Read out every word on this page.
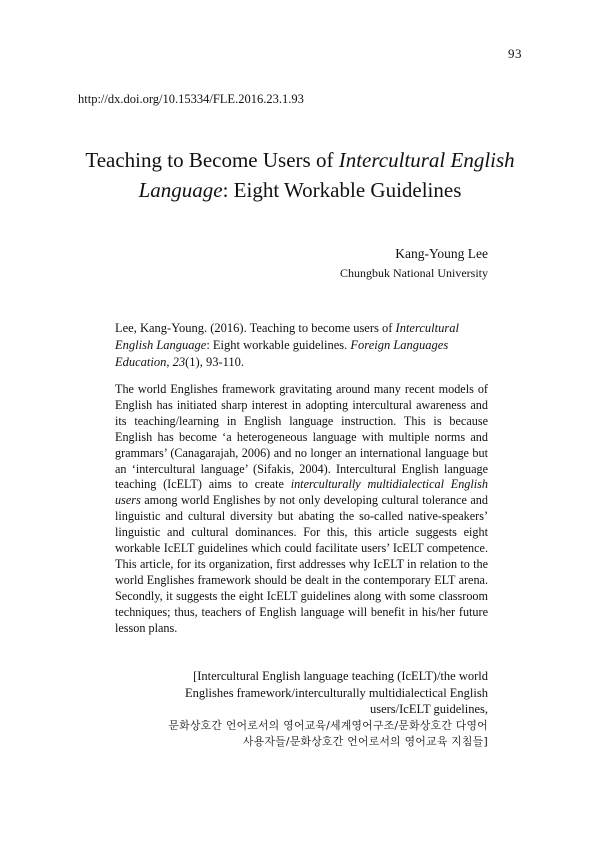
93
http://dx.doi.org/10.15334/FLE.2016.23.1.93
Teaching to Become Users of Intercultural English
Language: Eight Workable Guidelines
Kang-Young Lee
Chungbuk National University
Lee, Kang-Young. (2016). Teaching to become users of Intercultural English Language: Eight workable guidelines. Foreign Languages Education, 23(1), 93-110.

The world Englishes framework gravitating around many recent models of English has initiated sharp interest in adopting intercultural awareness and its teaching/learning in English language instruction. This is because English has become ‘a heterogeneous language with multiple norms and grammars’ (Canagarajah, 2006) and no longer an international language but an ‘intercultural language’ (Sifakis, 2004). Intercultural English language teaching (IcELT) aims to create interculturally multidialectical English users among world Englishes by not only developing cultural tolerance and linguistic and cultural diversity but abating the so-called native-speakers’ linguistic and cultural dominances. For this, this article suggests eight workable IcELT guidelines which could facilitate users’ IcELT competence. This article, for its organization, first addresses why IcELT in relation to the world Englishes framework should be dealt in the contemporary ELT arena. Secondly, it suggests the eight IcELT guidelines along with some classroom techniques; thus, teachers of English language will benefit in his/her future lesson plans.

[Intercultural English language teaching (IcELT)/the world
Englishes framework/interculturally multidialectical English
users/IcELT guidelines,
문화상호간 언어로서의 영어교육/세계영어구조/문화상호간 다영어
사용자들/문화상호간 언어로서의 영어교육 지침들]
